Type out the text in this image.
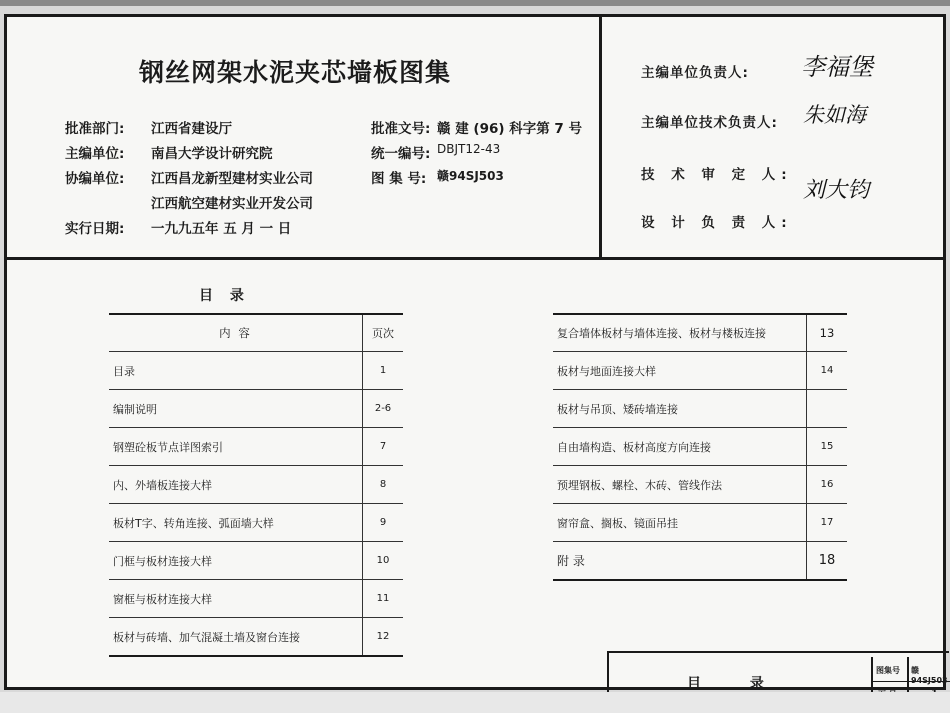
钢丝网架水泥夹芯墙板图集
批准部门: 江西省建设厅
主编单位: 南昌大学设计研究院
协编单位: 江西昌龙新型建材实业公司
江西航空建材实业开发公司
实行日期: 一九九五年 五 月 一 日
批准文号: 赣 建 (96) 科字第 7 号
统一编号: DBJT12-43
图 集 号: 赣94SJ503
主编单位负责人: 李福堡
主编单位技术负责人: 朱如海
技 术 审 定 人:
刘大钧
设 计 负 责 人:
目 录
内 容	页次
目录	1
编制说明	2-6
钢塑砼板节点详图索引	7
内、外墙板连接大样	8
板材T字、转角连接、弧面墙大样	9
门框与板材连接大样	10
窗框与板材连接大样	11
板材与砖墙、加气混凝土墙及窗台连接	12
复合墙体板材与墙体连接、板材与楼板连接	13
板材与地面连接大样	14
板材与吊顶、矮砖墙连接	
自由墙构造、板材高度方向连接	15
预埋钢板、螺栓、木砖、管线作法	16
窗帘盒、搁板、镜面吊挂	17
附 录	18
目 录
图集号 赣94SJ503
